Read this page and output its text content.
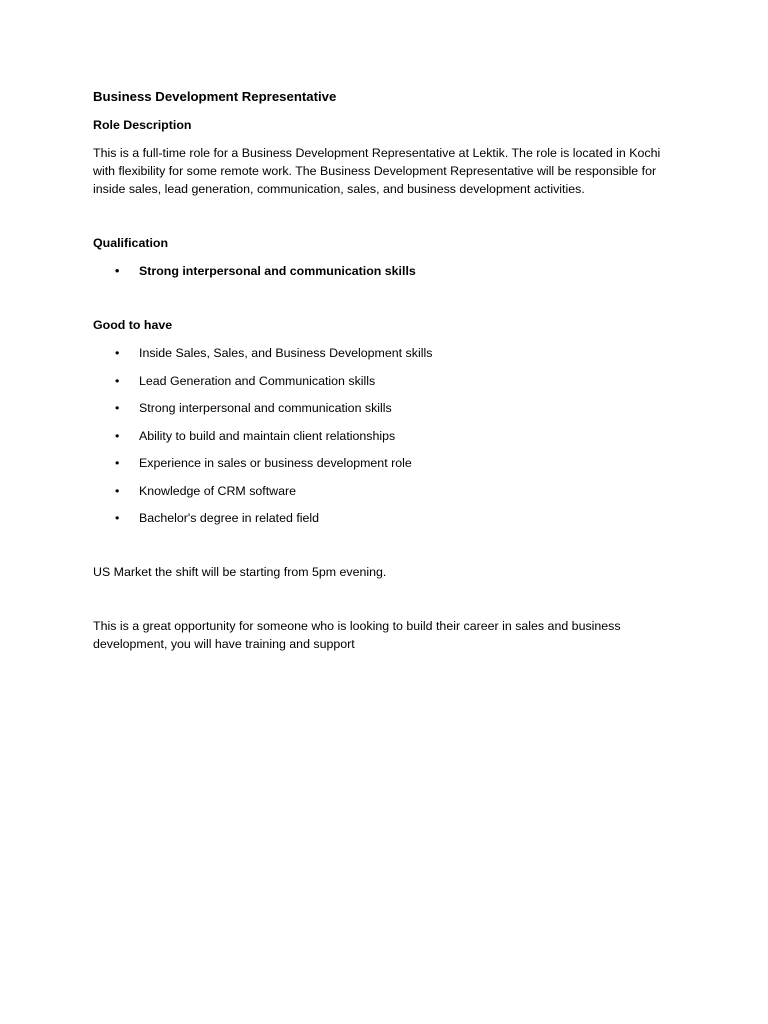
Business Development Representative
Role Description
This is a full-time role for a Business Development Representative at Lektik. The role is located in Kochi with flexibility for some remote work. The Business Development Representative will be responsible for inside sales, lead generation, communication, sales, and business development activities.
Qualification
• Strong interpersonal and communication skills
Good to have
• Inside Sales, Sales, and Business Development skills
• Lead Generation and Communication skills
• Strong interpersonal and communication skills
• Ability to build and maintain client relationships
• Experience in sales or business development role
• Knowledge of CRM software
• Bachelor's degree in related field
US Market the shift will be starting from 5pm evening.
This is a great opportunity for someone who is looking to build their career in sales and business development, you will have training and support
